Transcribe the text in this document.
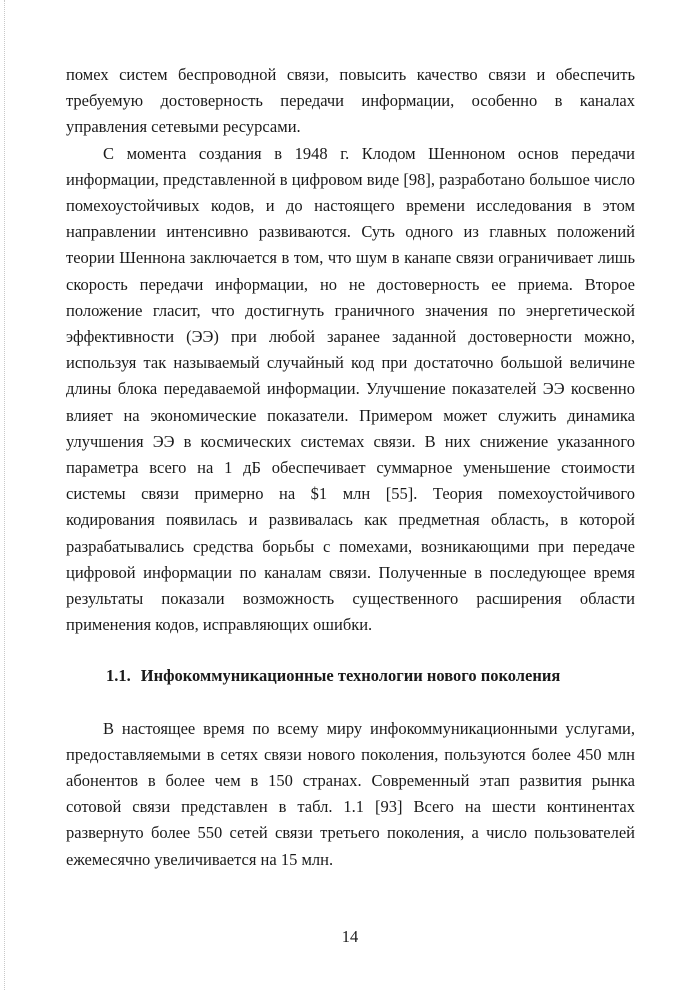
помех систем беспроводной связи, повысить качество связи и обеспечить требуемую достоверность передачи информации, особенно в каналах управления сетевыми ресурсами.

С момента создания в 1948 г. Клодом Шенноном основ передачи информации, представленной в цифровом виде [98], разработано большое число помехоустойчивых кодов, и до настоящего времени исследования в этом направлении интенсивно развиваются. Суть одного из главных положений теории Шеннона заключается в том, что шум в канапе связи ограничивает лишь скорость передачи информации, но не достоверность ее приема. Второе положение гласит, что достигнуть граничного значения по энергетической эффективности (ЭЭ) при любой заранее заданной достоверности можно, используя так называемый случайный код при достаточно большой величине длины блока передаваемой информации. Улучшение показателей ЭЭ косвенно влияет на экономические показатели. Примером может служить динамика улучшения ЭЭ в космических системах связи. В них снижение указанного параметра всего на 1 дБ обеспечивает суммарное уменьшение стоимости системы связи примерно на $1 млн [55]. Теория помехоустойчивого кодирования появилась и развивалась как предметная область, в которой разрабатывались средства борьбы с помехами, возникающими при передаче цифровой информации по каналам связи. Полученные в последующее время результаты показали возможность существенного расширения области применения кодов, исправляющих ошибки.

1.1. Инфокоммуникационные технологии нового поколения

В настоящее время по всему миру инфокоммуникационными услугами, предоставляемыми в сетях связи нового поколения, пользуются более 450 млн абонентов в более чем в 150 странах. Современный этап развития рынка сотовой связи представлен в табл. 1.1 [93] Всего на шести континентах развернуто более 550 сетей связи третьего поколения, а число пользователей ежемесячно увеличивается на 15 млн.

14
